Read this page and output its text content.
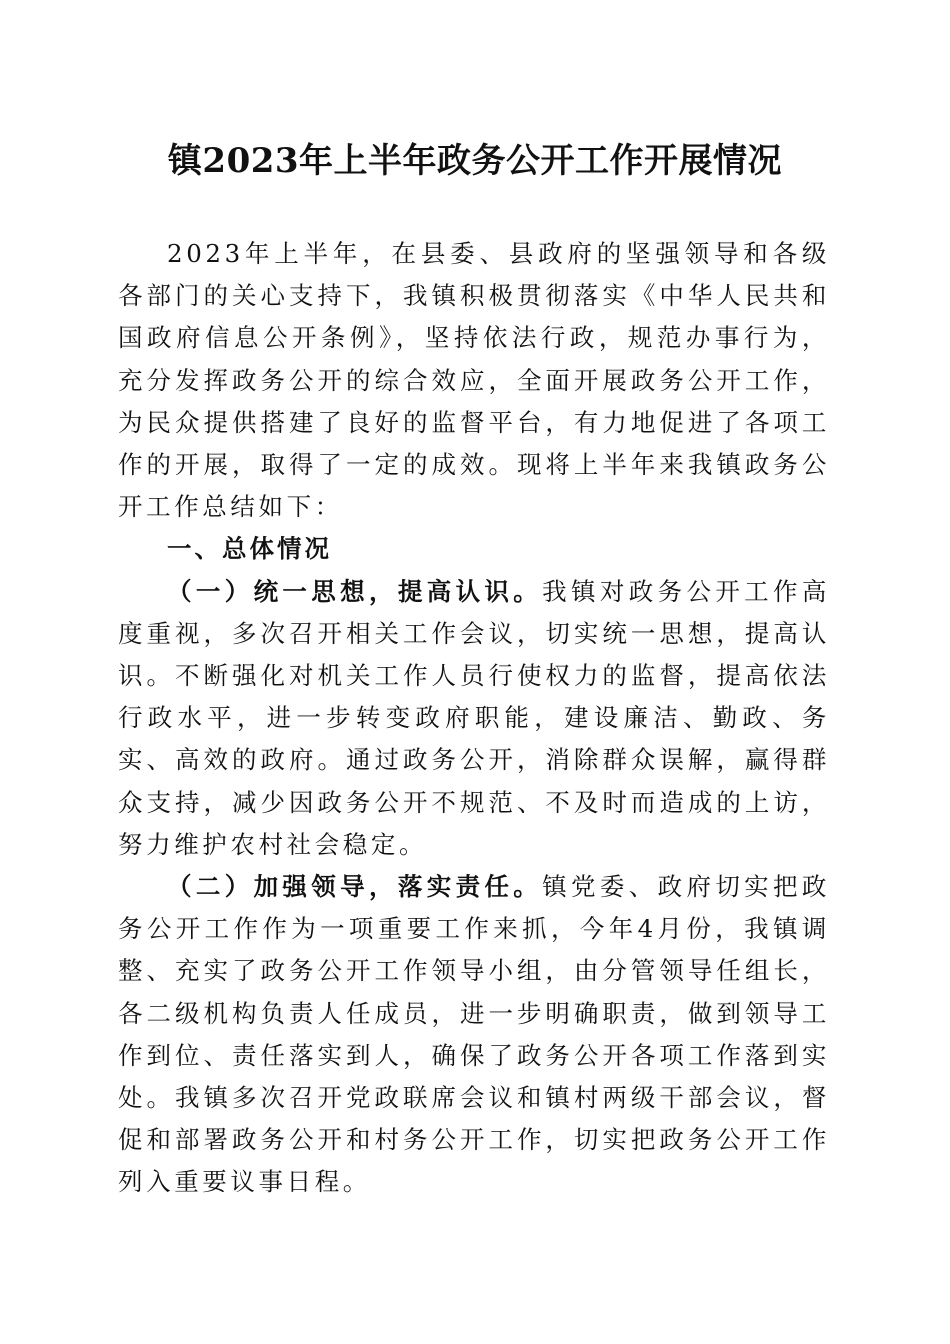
镇2023年上半年政务公开工作开展情况

2023年上半年，在县委、县政府的坚强领导和各级各部门的关心支持下，我镇积极贯彻落实《中华人民共和国政府信息公开条例》，坚持依法行政，规范办事行为，充分发挥政务公开的综合效应，全面开展政务公开工作，为民众提供搭建了良好的监督平台，有力地促进了各项工作的开展，取得了一定的成效。现将上半年来我镇政务公开工作总结如下：

一、总体情况

（一）统一思想，提高认识。我镇对政务公开工作高度重视，多次召开相关工作会议，切实统一思想，提高认识。不断强化对机关工作人员行使权力的监督，提高依法行政水平，进一步转变政府职能，建设廉洁、勤政、务实、高效的政府。通过政务公开，消除群众误解，赢得群众支持，减少因政务公开不规范、不及时而造成的上访，努力维护农村社会稳定。

（二）加强领导，落实责任。镇党委、政府切实把政务公开工作作为一项重要工作来抓，今年4月份，我镇调整、充实了政务公开工作领导小组，由分管领导任组长，各二级机构负责人任成员，进一步明确职责，做到领导工作到位、责任落实到人，确保了政务公开各项工作落到实处。我镇多次召开党政联席会议和镇村两级干部会议，督促和部署政务公开和村务公开工作，切实把政务公开工作列入重要议事日程。
